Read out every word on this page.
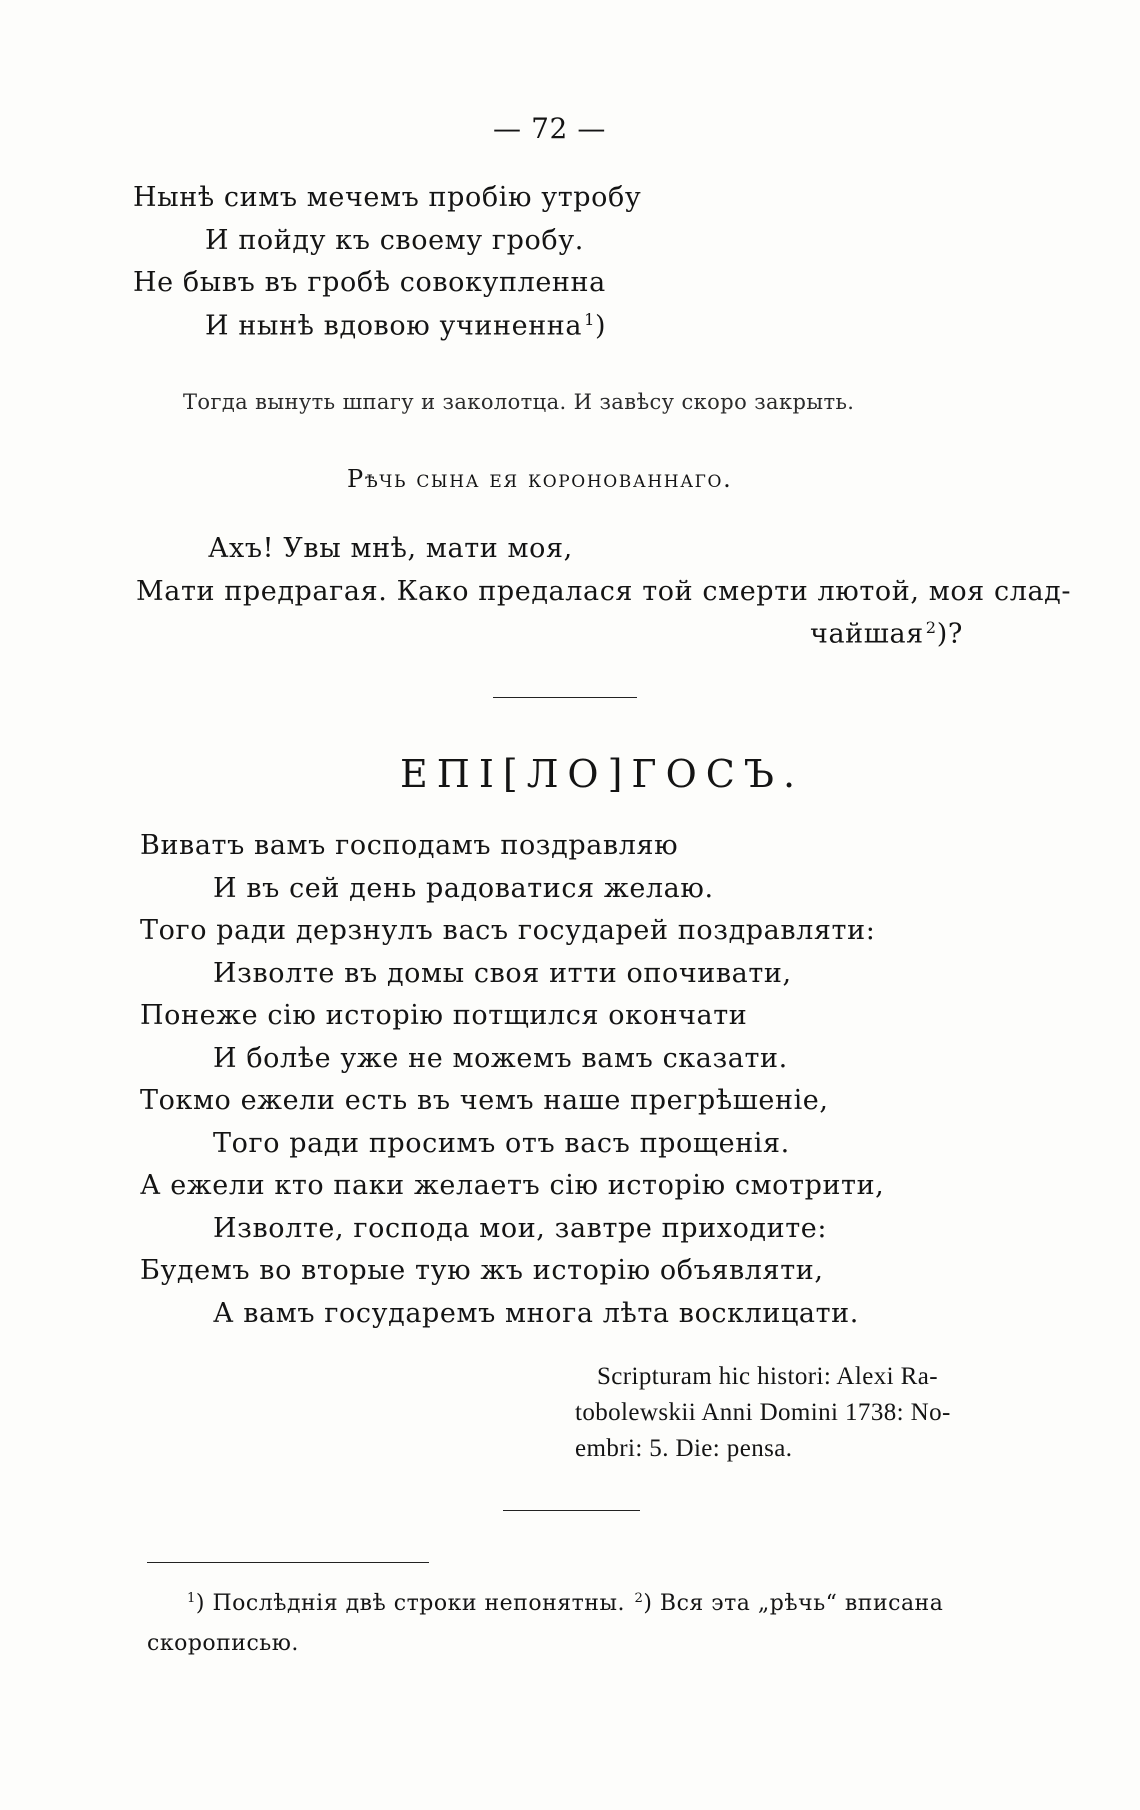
— 72 —
Нынѣ симъ мечемъ пробію утробу
И пойду къ своему гробу.
Не бывъ въ гробѣ совокупленна
И нынѣ вдовою учиненна $^1$)
Тогда вынуть шпагу и заколотца. И завѣсу скоро закрыть.
Рѣчь сына ея коронованнаго.
Ахъ! Увы мнѣ, мати моя,
Мати предрагая. Како предалася той смерти лютой, моя слад-
чайшая $^2$)?
ЕПІ[ЛО]ГОСЪ.
Виватъ вамъ господамъ поздравляю
И въ сей день радоватися желаю.
Того ради дерзнулъ васъ государей поздравляти:
Изволте въ домы своя итти опочивати,
Понеже сію исторію потщился окончати
И болѣе уже не можемъ вамъ сказати.
Токмо ежели есть въ чемъ наше прегрѣшеніе,
Того ради просимъ отъ васъ прощенія.
А ежели кто паки желаетъ сію исторію смотрити,
Изволте, господа мои, завтре приходите:
Будемъ во вторые тую жъ исторію объявляти,
А вамъ государемъ многа лѣта восклицати.
Scripturam hic histori: Alexi Ra-
tobolewskii Anni Domini 1738: No-
embri: 5. Die: pensa.
$^1$) Послѣднія двѣ строки непонятны. $^2$) Вся эта „рѣчь“ вписана
скорописью.
